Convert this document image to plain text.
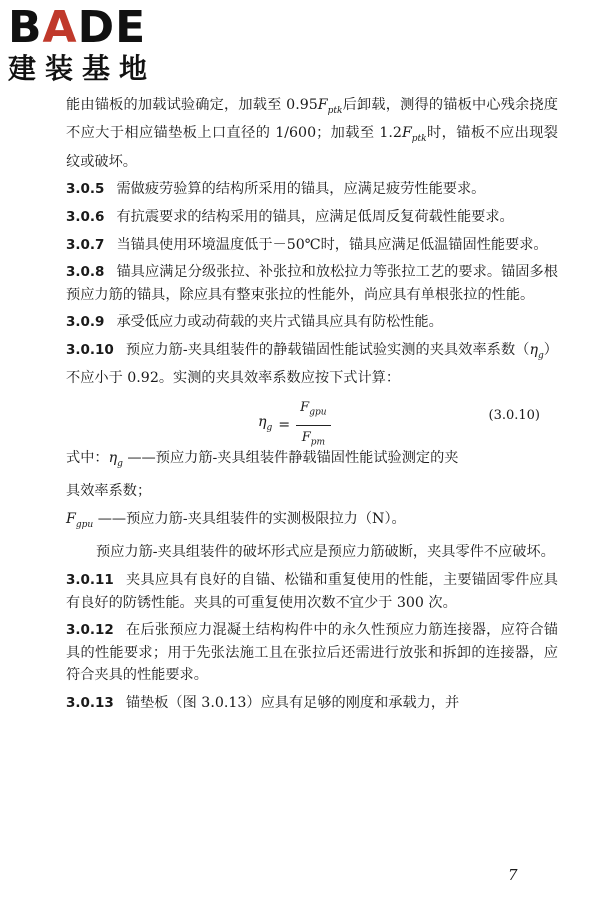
BADE
建装基地

能由锚板的加载试验确定，加载至 $0.95F_{ptk}$后卸载，测得的锚板中心残余挠度不应大于相应锚垫板上口直径的 1/600；加载至 $1.2F_{ptk}$时，锚板不应出现裂纹或破坏。

3.0.5 需做疲劳验算的结构所采用的锚具，应满足疲劳性能要求。

3.0.6 有抗震要求的结构采用的锚具，应满足低周反复荷载性能要求。

3.0.7 当锚具使用环境温度低于－50℃时，锚具应满足低温锚固性能要求。

3.0.8 锚具应满足分级张拉、补张拉和放松拉力等张拉工艺的要求。锚固多根预应力筋的锚具，除应具有整束张拉的性能外，尚应具有单根张拉的性能。

3.0.9 承受低应力或动荷载的夹片式锚具应具有防松性能。

3.0.10 预应力筋-夹具组装件的静载锚固性能试验实测的夹具效率系数$(\eta_g)$不应小于 0.92。实测的夹具效率系数应按下式计算：

$\eta_g = \frac{F_{gpu}}{F_{pm}}$	(3.0.10)

式中：$\eta_g$ ——预应力筋-夹具组装件静载锚固性能试验测定的夹

具效率系数；

$F_{gpu}$ ——预应力筋-夹具组装件的实测极限拉力（N）。

预应力筋-夹具组装件的破坏形式应是预应力筋破断，夹具零件不应破坏。

3.0.11 夹具应具有良好的自锚、松锚和重复使用的性能，主要锚固零件应具有良好的防锈性能。夹具的可重复使用次数不宜少于 300 次。

3.0.12 在后张预应力混凝土结构构件中的永久性预应力筋连接器，应符合锚具的性能要求；用于先张法施工且在张拉后还需进行放张和拆卸的连接器，应符合夹具的性能要求。

3.0.13 锚垫板（图 3.0.13）应具有足够的刚度和承载力，并

7
